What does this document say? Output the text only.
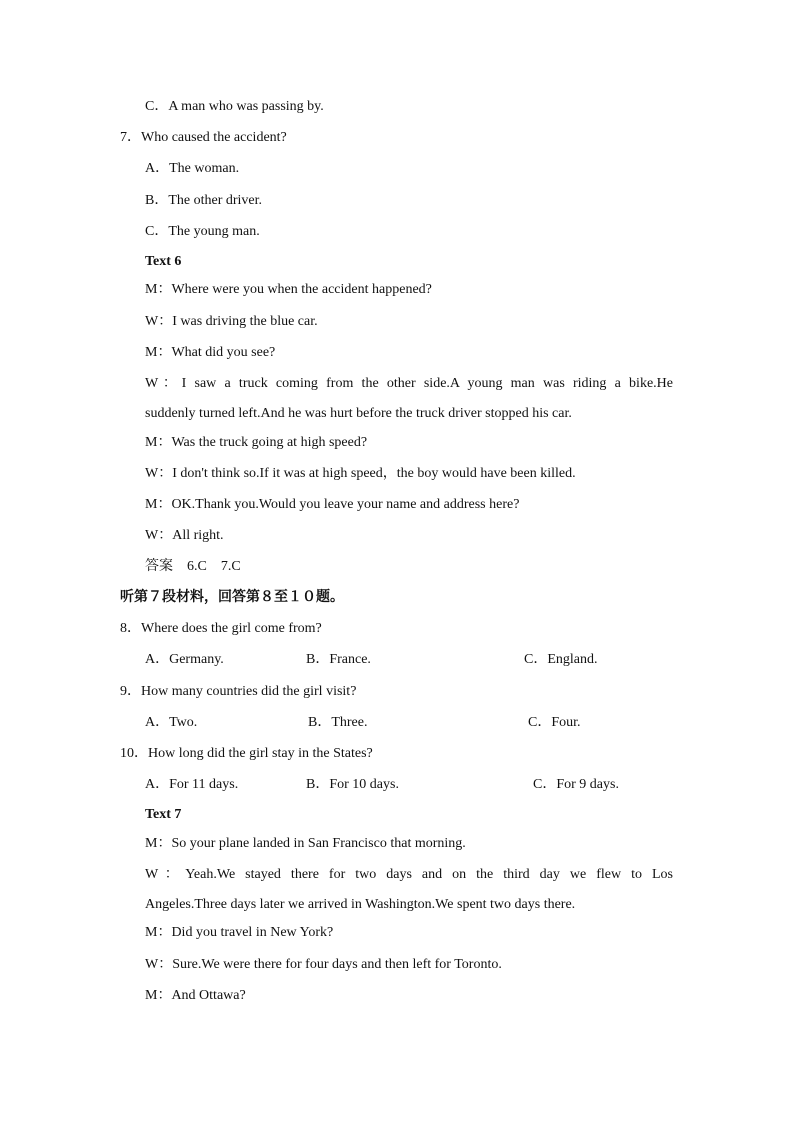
C．A man who was passing by.
7．Who caused the accident?
A．The woman.
B．The other driver.
C．The young man.
Text 6
M：Where were you when the accident happened?
W：I was driving the blue car.
M：What did you see?
W：I saw a truck coming from the other side.A young man was riding a bike.He
suddenly turned left.And he was hurt before the truck driver stopped his car.
M：Was the truck going at high speed?
W：I don't think so.If it was at high speed，the boy would have been killed.
M：OK.Thank you.Would you leave your name and address here?
W：All right.
答案　6.C　7.C
听第７段材料，回答第８至１０题。
8．Where does the girl come from?
A．Germany.	B．France.	C．England.
9．How many countries did the girl visit?
A．Two.	B．Three.	C．Four.
10．How long did the girl stay in the States?
A．For 11 days.	B．For 10 days.	C．For 9 days.
Text 7
M：So your plane landed in San Francisco that morning.
W：Yeah.We stayed there for two days and on the third day we flew to Los
Angeles.Three days later we arrived in Washington.We spent two days there.
M：Did you travel in New York?
W：Sure.We were there for four days and then left for Toronto.
M：And Ottawa?
